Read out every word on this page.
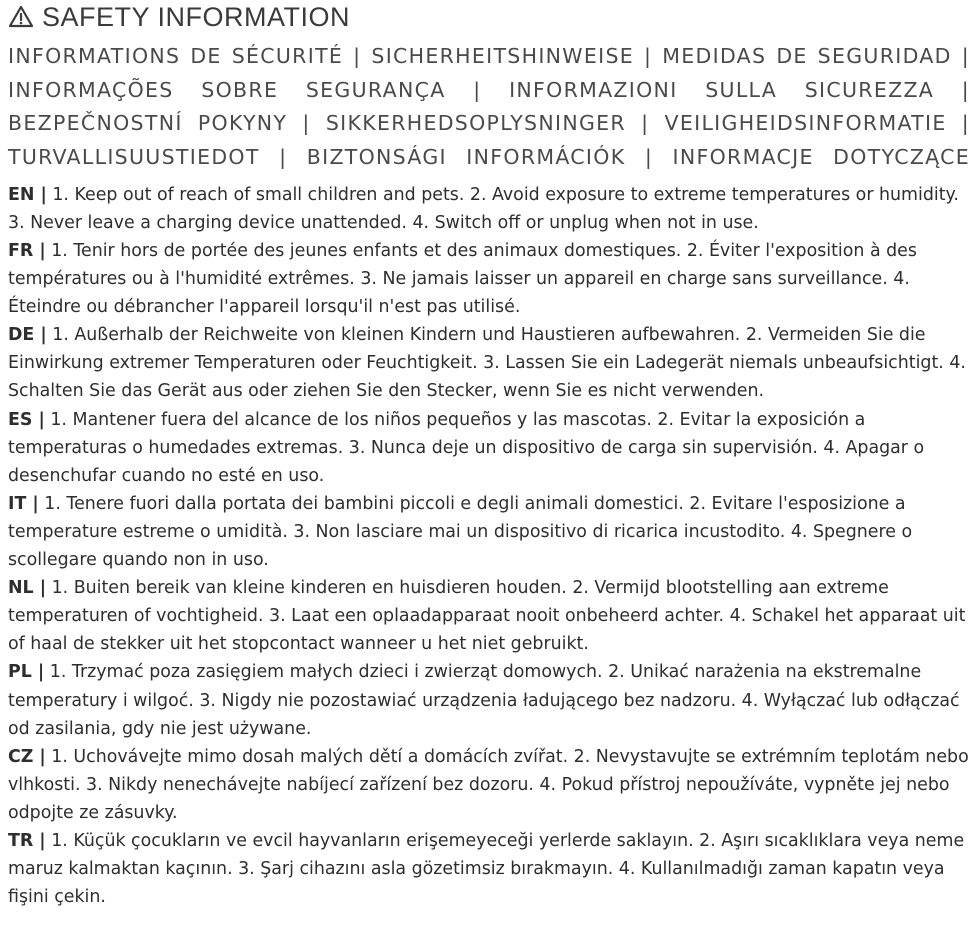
SAFETY INFORMATION
INFORMATIONS DE SÉCURITÉ | SICHERHEITSHINWEISE | MEDIDAS DE SEGURIDAD |
INFORMAÇÕES SOBRE SEGURANÇA | INFORMAZIONI SULLA SICUREZZA |
BEZPEČNOSTNÍ POKYNY | SIKKERHEDSOPLYSNINGER | VEILIGHEIDSINFORMATIE |
TURVALLISUUSTIEDOT | BIZTONSÁGI INFORMÁCIÓK | INFORMACJE DOTYCZĄCE
EN | 1. Keep out of reach of small children and pets. 2. Avoid exposure to extreme temperatures or humidity. 3. Never leave a charging device unattended. 4. Switch off or unplug when not in use.
FR | 1. Tenir hors de portée des jeunes enfants et des animaux domestiques. 2. Éviter l'exposition à des températures ou à l'humidité extrêmes. 3. Ne jamais laisser un appareil en charge sans surveillance. 4. Éteindre ou débrancher l'appareil lorsqu'il n'est pas utilisé.
DE | 1. Außerhalb der Reichweite von kleinen Kindern und Haustieren aufbewahren. 2. Vermeiden Sie die Einwirkung extremer Temperaturen oder Feuchtigkeit. 3. Lassen Sie ein Ladegerät niemals unbeaufsichtigt. 4. Schalten Sie das Gerät aus oder ziehen Sie den Stecker, wenn Sie es nicht verwenden.
ES | 1. Mantener fuera del alcance de los niños pequeños y las mascotas. 2. Evitar la exposición a temperaturas o humedades extremas. 3. Nunca deje un dispositivo de carga sin supervisión. 4. Apagar o desenchufar cuando no esté en uso.
IT | 1. Tenere fuori dalla portata dei bambini piccoli e degli animali domestici. 2. Evitare l'esposizione a temperature estreme o umidità. 3. Non lasciare mai un dispositivo di ricarica incustodito. 4. Spegnere o scollegare quando non in uso.
NL | 1. Buiten bereik van kleine kinderen en huisdieren houden. 2. Vermijd blootstelling aan extreme temperaturen of vochtigheid. 3. Laat een oplaadapparaat nooit onbeheerd achter. 4. Schakel het apparaat uit of haal de stekker uit het stopcontact wanneer u het niet gebruikt.
PL | 1. Trzymać poza zasięgiem małych dzieci i zwierząt domowych. 2. Unikać narażenia na ekstremalne temperatury i wilgoć. 3. Nigdy nie pozostawiać urządzenia ładującego bez nadzoru. 4. Wyłączać lub odłączać od zasilania, gdy nie jest używane.
CZ | 1. Uchovávejte mimo dosah malých dětí a domácích zvířat. 2. Nevystavujte se extrémním teplotám nebo vlhkosti. 3. Nikdy nenechávejte nabíjecí zařízení bez dozoru. 4. Pokud přístroj nepoužíváte, vypněte jej nebo odpojte ze zásuvky.
TR | 1. Küçük çocukların ve evcil hayvanların erişemeyeceği yerlerde saklayın. 2. Aşırı sıcaklıklara veya neme maruz kalmaktan kaçının. 3. Şarj cihazını asla gözetimsiz bırakmayın. 4. Kullanılmadığı zaman kapatın veya fişini çekin.
